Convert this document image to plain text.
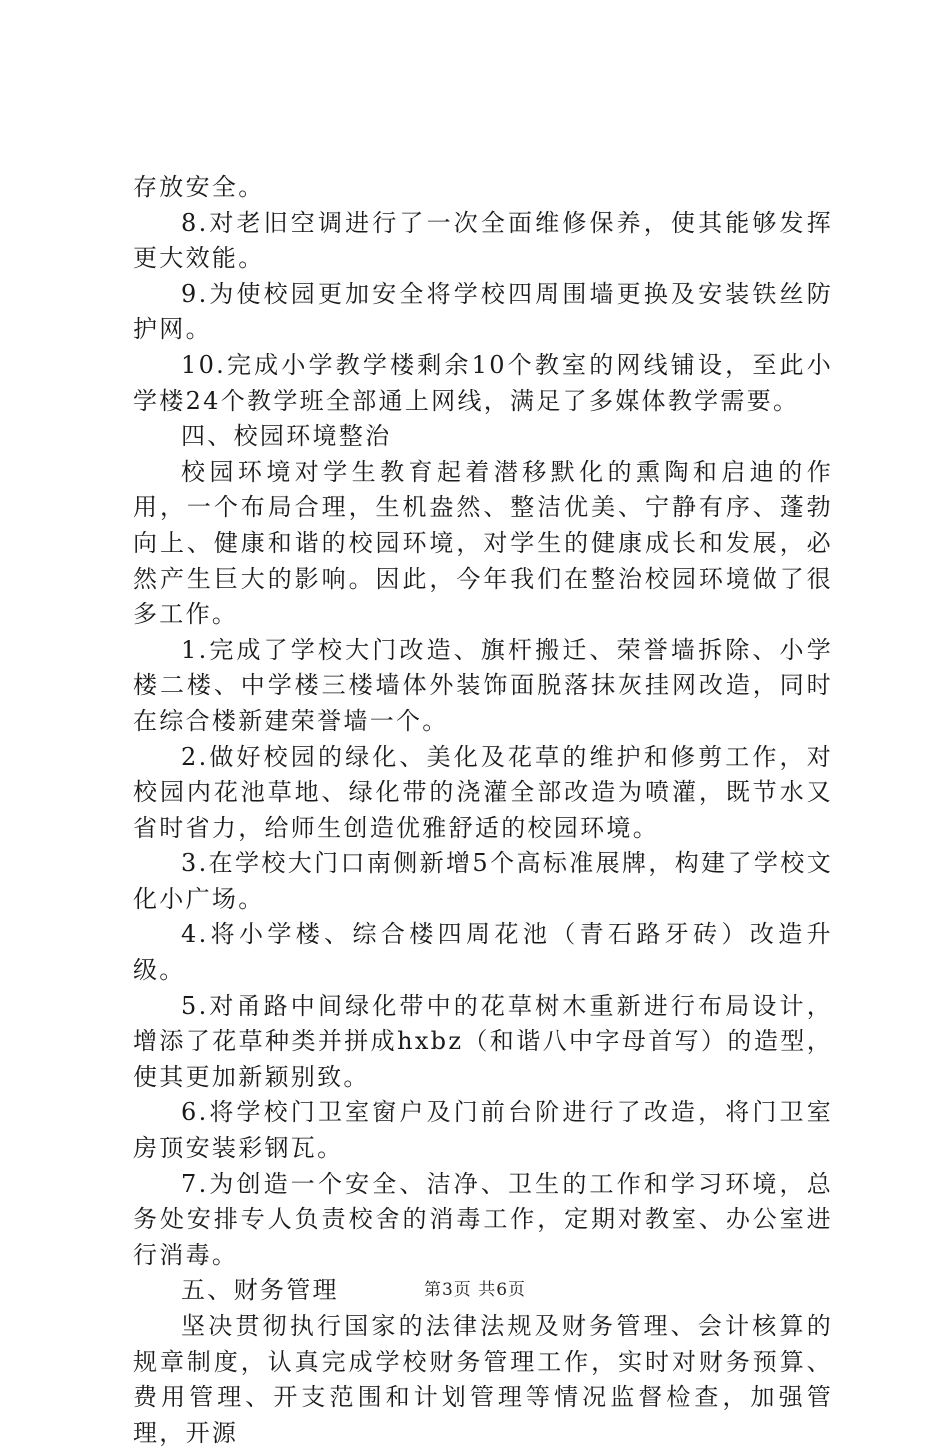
存放安全。

8.对老旧空调进行了一次全面维修保养，使其能够发挥更大效能。

9.为使校园更加安全将学校四周围墙更换及安装铁丝防护网。

10.完成小学教学楼剩余10个教室的网线铺设，至此小学楼24个教学班全部通上网线，满足了多媒体教学需要。

四、校园环境整治

校园环境对学生教育起着潜移默化的熏陶和启迪的作用，一个布局合理，生机盎然、整洁优美、宁静有序、蓬勃向上、健康和谐的校园环境，对学生的健康成长和发展，必然产生巨大的影响。因此，今年我们在整治校园环境做了很多工作。

1.完成了学校大门改造、旗杆搬迁、荣誉墙拆除、小学楼二楼、中学楼三楼墙体外装饰面脱落抹灰挂网改造，同时在综合楼新建荣誉墙一个。

2.做好校园的绿化、美化及花草的维护和修剪工作，对校园内花池草地、绿化带的浇灌全部改造为喷灌，既节水又省时省力，给师生创造优雅舒适的校园环境。

3.在学校大门口南侧新增5个高标准展牌，构建了学校文化小广场。

4.将小学楼、综合楼四周花池（青石路牙砖）改造升级。

5.对甬路中间绿化带中的花草树木重新进行布局设计，增添了花草种类并拼成hxbz（和谐八中字母首写）的造型，使其更加新颖别致。

6.将学校门卫室窗户及门前台阶进行了改造，将门卫室房顶安装彩钢瓦。

7.为创造一个安全、洁净、卫生的工作和学习环境，总务处安排专人负责校舍的消毒工作，定期对教室、办公室进行消毒。

五、财务管理

坚决贯彻执行国家的法律法规及财务管理、会计核算的规章制度，认真完成学校财务管理工作，实时对财务预算、费用管理、开支范围和计划管理等情况监督检查，加强管理，开源

第3页 共6页
